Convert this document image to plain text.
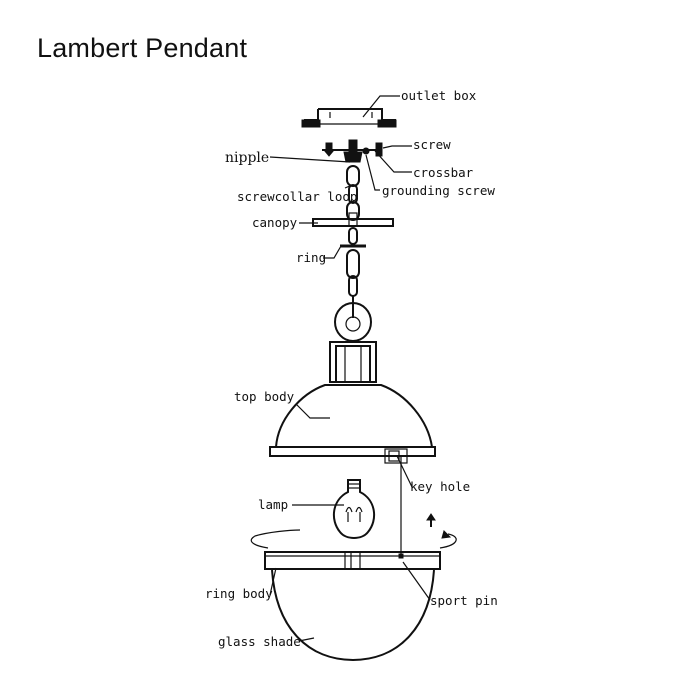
Lambert Pendant
outlet box
screw
nipple
crossbar
screwcollar loop grounding screw
canopy
ring
top body
key hole
lamp
ring body	sport pin
glass shade
